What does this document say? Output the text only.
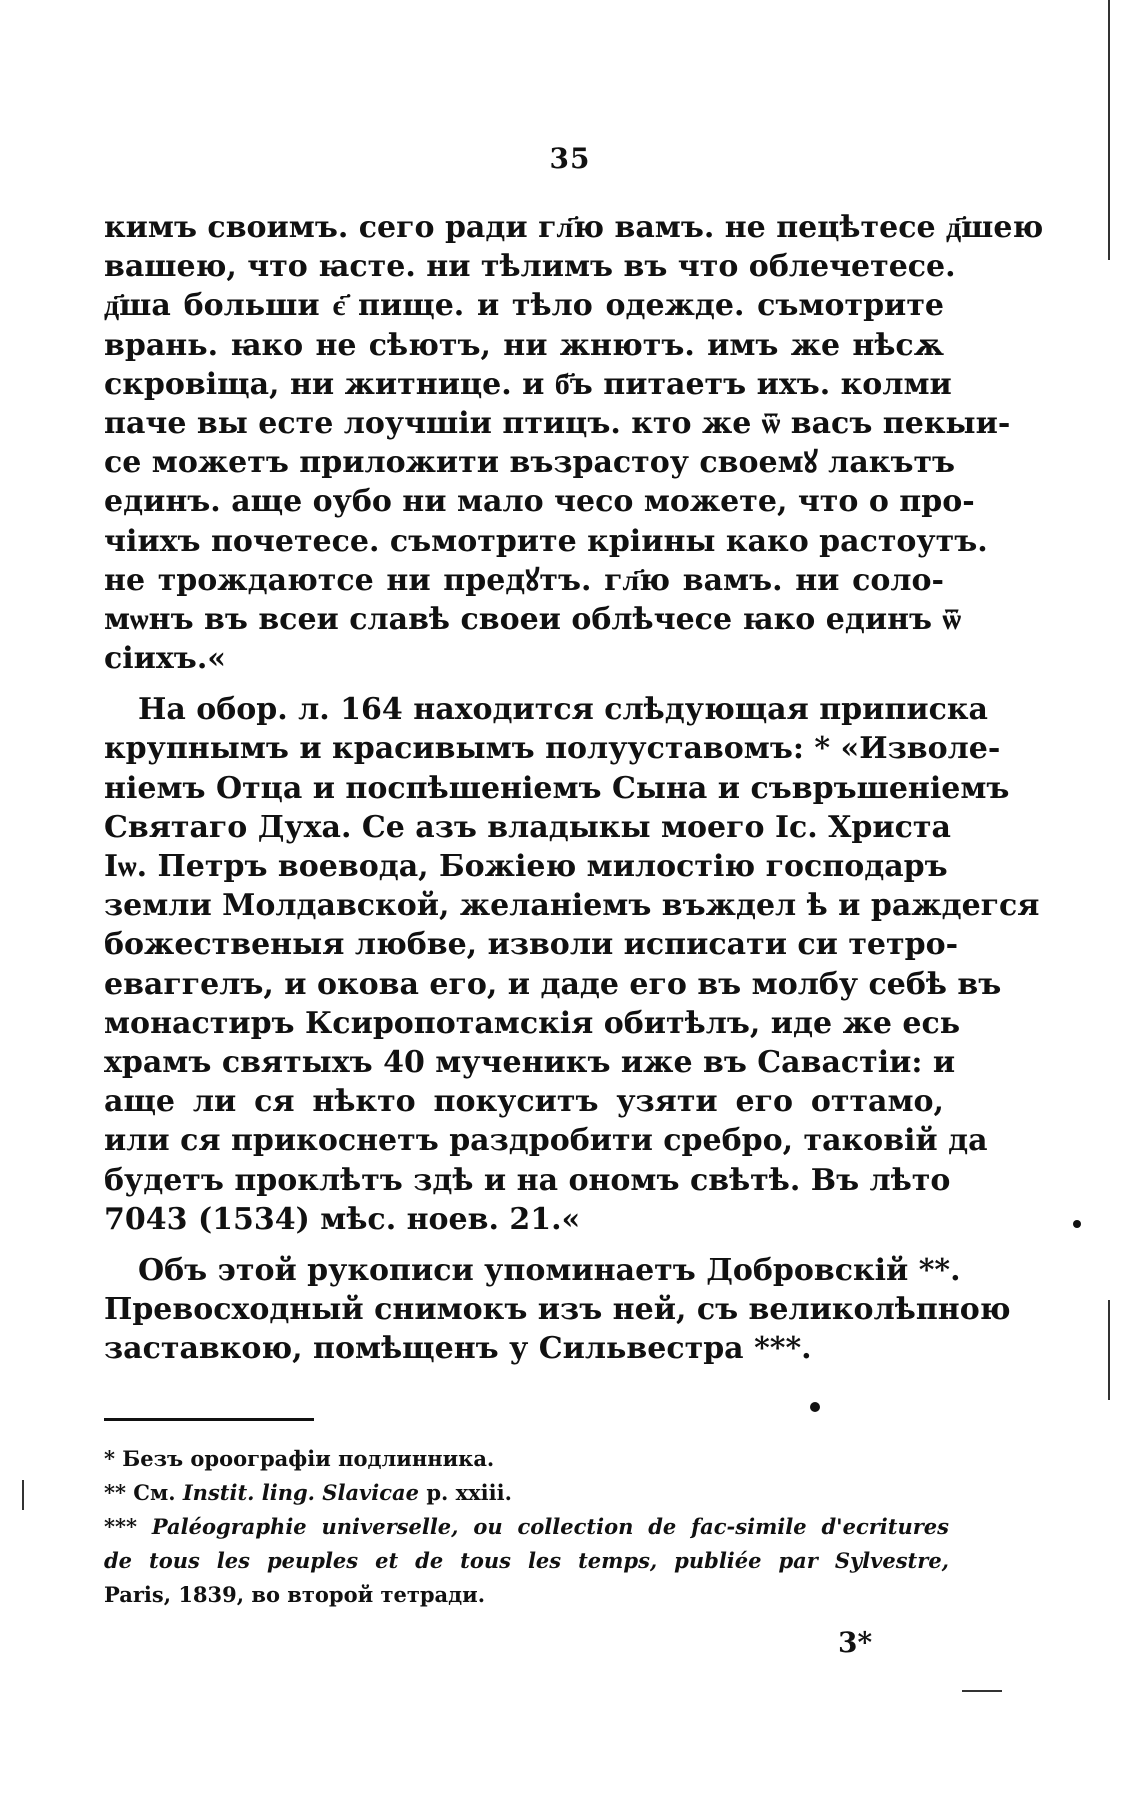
35
кимъ своимъ. сего ради гл҃ю вамъ. не пецѣтесе д҃шею
вашею, что ꙗсте. ни тѣлимъ въ что облечетесе.
д҃ша больши є҃ пище. и тѣло одежде. съмотрите
врань. ꙗко не сѣютъ, ни жнютъ. имъ же нѣсѫ
скровіща, ни житнице. и б҃ъ питаетъ ихъ. колми
паче вы есте лоучшіи птицъ. кто же ѿ васъ пекыи-
се можетъ приложити възрастоу своемꙋ лакътъ
единъ. аще оубо ни мало чесо можете, что о про-
чіихъ почетесе. съмотрите кріины како растоутъ.
не трождаютсе ни предꙋтъ. гл҃ю вамъ. ни соло-
мѡнъ въ всеи славѣ своеи облѣчесе ꙗко единъ ѿ
сіихъ.«
На обор. л. 164 находится слѣдующая приписка
крупнымъ и красивымъ полууставомъ: * «Изволе-
ніемъ Отца и поспѣшеніемъ Сына и съвръшеніемъ
Святаго Духа. Се азъ владыкы моего Іс. Христа
Iѡ. Петръ воевода, Божіею милостію господаръ
земли Молдавской, желаніемъ въждел ѣ и раждегся
божественыя любве, изволи исписати си тетро-
евaггелъ, и окова его, и даде его въ молбу себѣ въ
монастиръ Ксиропотамскія обитѣлъ, иде же есь
храмъ святыхъ 40 мученикъ иже въ Савастіи: и
аще ли ся нѣкто покуситъ узяти его оттамо,
или ся прикоснетъ раздробити сребро, таковій да
будетъ проклѣтъ здѣ и на ономъ свѣтѣ. Въ лѣто
7043 (1534) мѣс. ноев. 21.«
Объ этой рукописи упоминаетъ Добровскій **.
Превосходный снимокъ изъ ней, съ великолѣпною
заставкою, помѣщенъ у Сильвестра ***.
* Безъ ороографіи подлинника.
** См. Instit. ling. Slavicae p. xxiii.
*** Paléographie universelle, ou collection de fac-simile d'ecritures
de tous les peuples et de tous les temps, publiée par Sylvestre,
Paris, 1839, во второй тетради.
3*
